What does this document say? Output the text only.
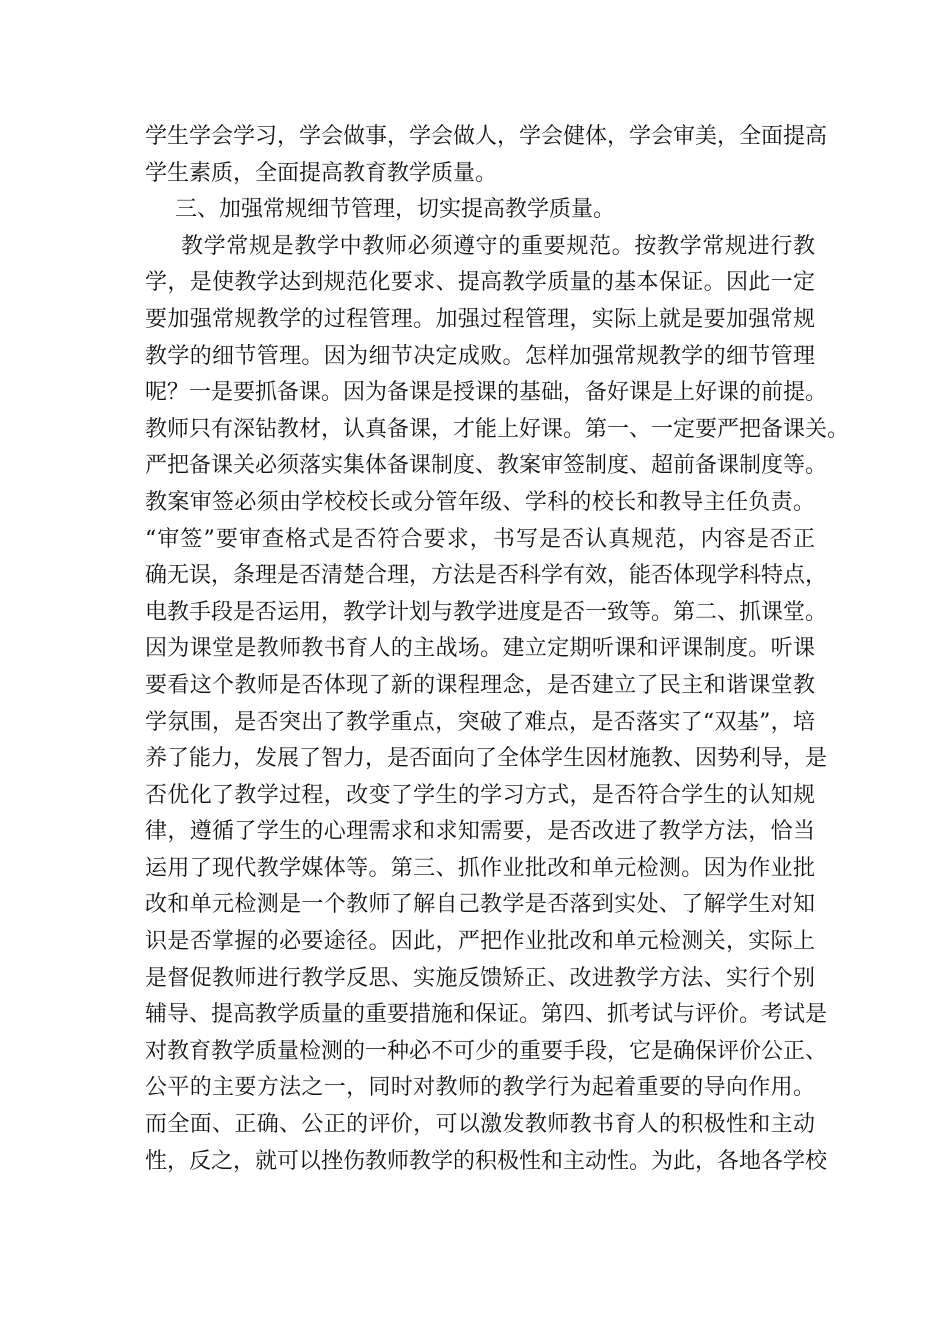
学生学会学习，学会做事，学会做人，学会健体，学会审美，全面提高
学生素质，全面提高教育教学质量。
三、加强常规细节管理，切实提高教学质量。
教学常规是教学中教师必须遵守的重要规范。按教学常规进行教
学，是使教学达到规范化要求、提高教学质量的基本保证。因此一定
要加强常规教学的过程管理。加强过程管理，实际上就是要加强常规
教学的细节管理。因为细节决定成败。怎样加强常规教学的细节管理
呢？一是要抓备课。因为备课是授课的基础，备好课是上好课的前提。
教师只有深钻教材，认真备课，才能上好课。第一、一定要严把备课关。
严把备课关必须落实集体备课制度、教案审签制度、超前备课制度等。
教案审签必须由学校校长或分管年级、学科的校长和教导主任负责。
“审签”要审查格式是否符合要求，书写是否认真规范，内容是否正
确无误，条理是否清楚合理，方法是否科学有效，能否体现学科特点，
电教手段是否运用，教学计划与教学进度是否一致等。第二、抓课堂。
因为课堂是教师教书育人的主战场。建立定期听课和评课制度。听课
要看这个教师是否体现了新的课程理念，是否建立了民主和谐课堂教
学氛围，是否突出了教学重点，突破了难点，是否落实了“双基”，培
养了能力，发展了智力，是否面向了全体学生因材施教、因势利导，是
否优化了教学过程，改变了学生的学习方式，是否符合学生的认知规
律，遵循了学生的心理需求和求知需要，是否改进了教学方法，恰当
运用了现代教学媒体等。第三、抓作业批改和单元检测。因为作业批
改和单元检测是一个教师了解自己教学是否落到实处、了解学生对知
识是否掌握的必要途径。因此，严把作业批改和单元检测关，实际上
是督促教师进行教学反思、实施反馈矫正、改进教学方法、实行个别
辅导、提高教学质量的重要措施和保证。第四、抓考试与评价。考试是
对教育教学质量检测的一种必不可少的重要手段，它是确保评价公正、
公平的主要方法之一，同时对教师的教学行为起着重要的导向作用。
而全面、正确、公正的评价，可以激发教师教书育人的积极性和主动
性，反之，就可以挫伤教师教学的积极性和主动性。为此，各地各学校
